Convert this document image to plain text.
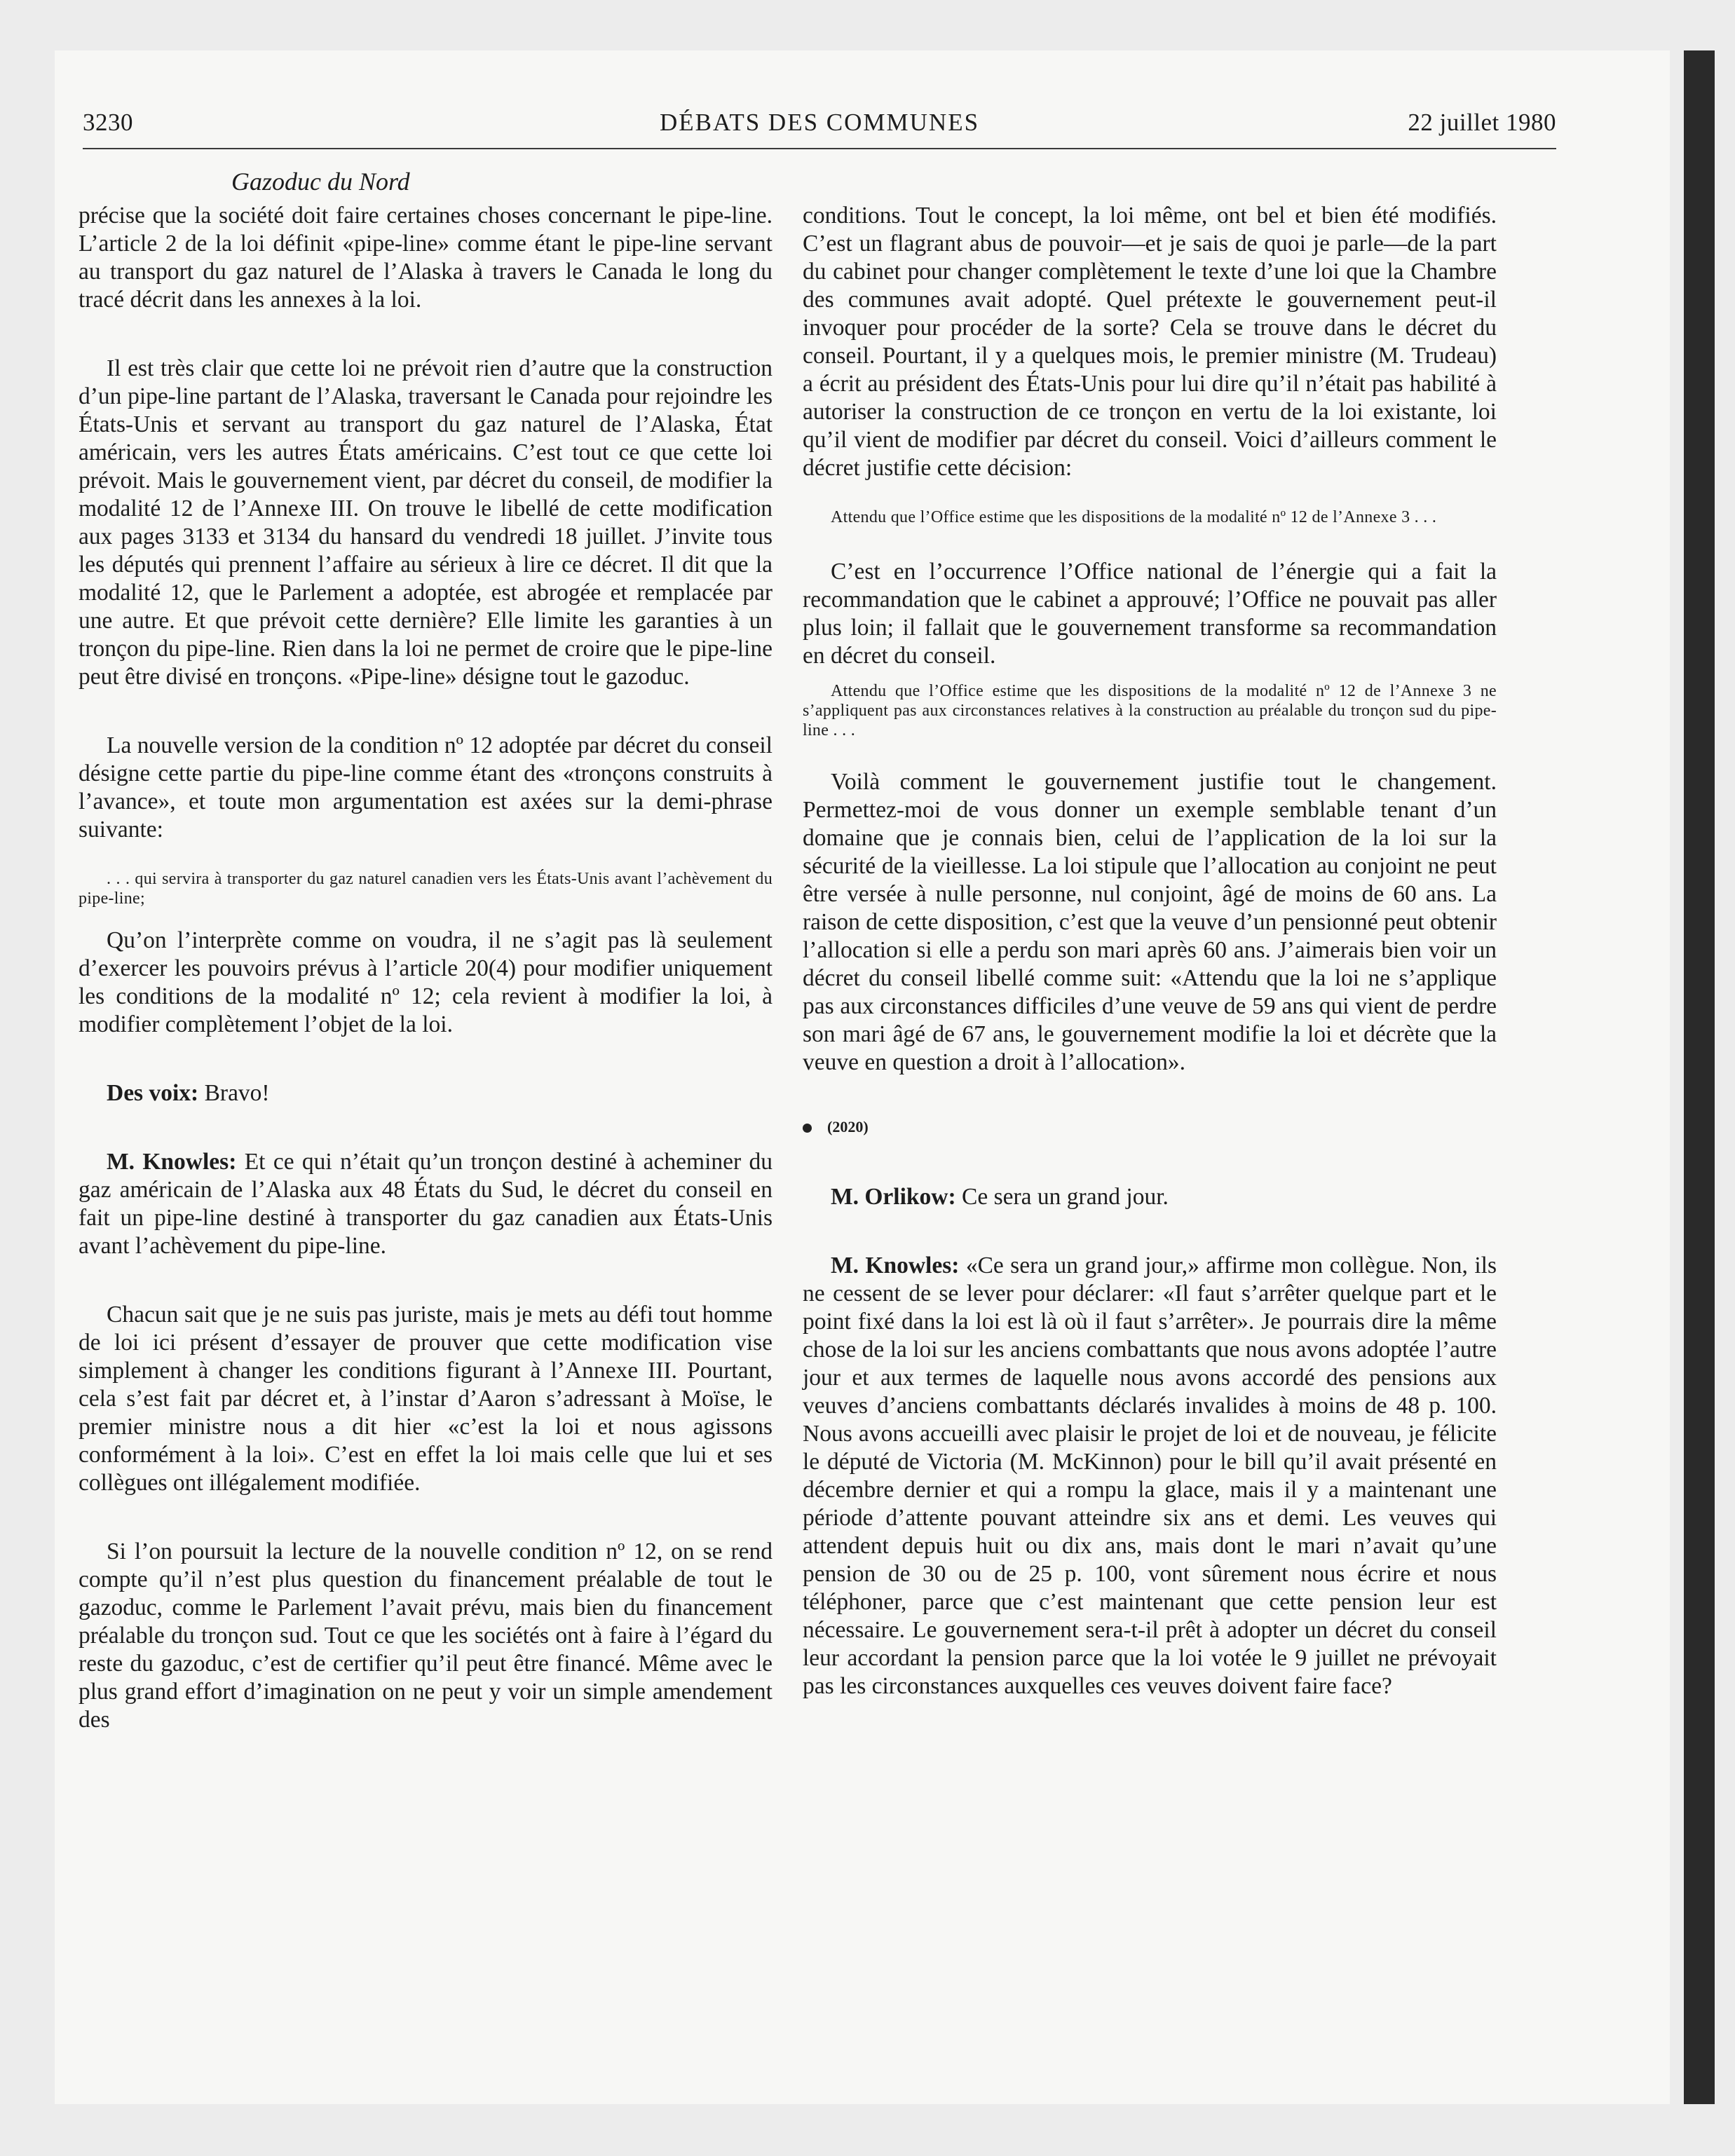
DÉBATS DES COMMUNES
3230	22 juillet 1980
Gazoduc du Nord

précise que la société doit faire certaines choses concernant le pipe-line. L’article 2 de la loi définit «pipe-line» comme étant le pipe-line servant au transport du gaz naturel de l’Alaska à travers le Canada le long du tracé décrit dans les annexes à la loi.

Il est très clair que cette loi ne prévoit rien d’autre que la construction d’un pipe-line partant de l’Alaska, traversant le Canada pour rejoindre les États-Unis et servant au transport du gaz naturel de l’Alaska, État américain, vers les autres États américains. C’est tout ce que cette loi prévoit. Mais le gouvernement vient, par décret du conseil, de modifier la modalité 12 de l’Annexe III. On trouve le libellé de cette modification aux pages 3133 et 3134 du hansard du vendredi 18 juillet. J’invite tous les députés qui prennent l’affaire au sérieux à lire ce décret. Il dit que la modalité 12, que le Parlement a adoptée, est abrogée et remplacée par une autre. Et que prévoit cette dernière? Elle limite les garanties à un tronçon du pipe-line. Rien dans la loi ne permet de croire que le pipe-line peut être divisé en tronçons. «Pipe-line» désigne tout le gazoduc.

La nouvelle version de la condition nº 12 adoptée par décret du conseil désigne cette partie du pipe-line comme étant des «tronçons construits à l’avance», et toute mon argumentation est axées sur la demi-phrase suivante:

. . . qui servira à transporter du gaz naturel canadien vers les États-Unis avant l’achèvement du pipe-line;

Qu’on l’interprète comme on voudra, il ne s’agit pas là seulement d’exercer les pouvoirs prévus à l’article 20(4) pour modifier uniquement les conditions de la modalité nº 12; cela revient à modifier la loi, à modifier complètement l’objet de la loi.

Des voix: Bravo!

M. Knowles: Et ce qui n’était qu’un tronçon destiné à acheminer du gaz américain de l’Alaska aux 48 États du Sud, le décret du conseil en fait un pipe-line destiné à transporter du gaz canadien aux États-Unis avant l’achèvement du pipe-line.

Chacun sait que je ne suis pas juriste, mais je mets au défi tout homme de loi ici présent d’essayer de prouver que cette modification vise simplement à changer les conditions figurant à l’Annexe III. Pourtant, cela s’est fait par décret et, à l’instar d’Aaron s’adressant à Moïse, le premier ministre nous a dit hier «c’est la loi et nous agissons conformément à la loi». C’est en effet la loi mais celle que lui et ses collègues ont illégalement modifiée.

Si l’on poursuit la lecture de la nouvelle condition nº 12, on se rend compte qu’il n’est plus question du financement préalable de tout le gazoduc, comme le Parlement l’avait prévu, mais bien du financement préalable du tronçon sud. Tout ce que les sociétés ont à faire à l’égard du reste du gazoduc, c’est de certifier qu’il peut être financé. Même avec le plus grand effort d’imagination on ne peut y voir un simple amendement des

conditions. Tout le concept, la loi même, ont bel et bien été modifiés. C’est un flagrant abus de pouvoir—et je sais de quoi je parle—de la part du cabinet pour changer complètement le texte d’une loi que la Chambre des communes avait adopté. Quel prétexte le gouvernement peut-il invoquer pour procéder de la sorte? Cela se trouve dans le décret du conseil. Pourtant, il y a quelques mois, le premier ministre (M. Trudeau) a écrit au président des États-Unis pour lui dire qu’il n’était pas habilité à autoriser la construction de ce tronçon en vertu de la loi existante, loi qu’il vient de modifier par décret du conseil. Voici d’ailleurs comment le décret justifie cette décision:

Attendu que l’Office estime que les dispositions de la modalité nº 12 de l’Annexe 3 . . .

C’est en l’occurrence l’Office national de l’énergie qui a fait la recommandation que le cabinet a approuvé; l’Office ne pouvait pas aller plus loin; il fallait que le gouvernement transforme sa recommandation en décret du conseil.

Attendu que l’Office estime que les dispositions de la modalité nº 12 de l’Annexe 3 ne s’appliquent pas aux circonstances relatives à la construction au préalable du tronçon sud du pipe-line . . .

Voilà comment le gouvernement justifie tout le changement. Permettez-moi de vous donner un exemple semblable tenant d’un domaine que je connais bien, celui de l’application de la loi sur la sécurité de la vieillesse. La loi stipule que l’allocation au conjoint ne peut être versée à nulle personne, nul conjoint, âgé de moins de 60 ans. La raison de cette disposition, c’est que la veuve d’un pensionné peut obtenir l’allocation si elle a perdu son mari après 60 ans. J’aimerais bien voir un décret du conseil libellé comme suit: «Attendu que la loi ne s’applique pas aux circonstances difficiles d’une veuve de 59 ans qui vient de perdre son mari âgé de 67 ans, le gouvernement modifie la loi et décrète que la veuve en question a droit à l’allocation».

(2020)

M. Orlikow: Ce sera un grand jour.

M. Knowles: «Ce sera un grand jour,» affirme mon collègue. Non, ils ne cessent de se lever pour déclarer: «Il faut s’arrêter quelque part et le point fixé dans la loi est là où il faut s’arrêter». Je pourrais dire la même chose de la loi sur les anciens combattants que nous avons adoptée l’autre jour et aux termes de laquelle nous avons accordé des pensions aux veuves d’anciens combattants déclarés invalides à moins de 48 p. 100. Nous avons accueilli avec plaisir le projet de loi et de nouveau, je félicite le député de Victoria (M. McKinnon) pour le bill qu’il avait présenté en décembre dernier et qui a rompu la glace, mais il y a maintenant une période d’attente pouvant atteindre six ans et demi. Les veuves qui attendent depuis huit ou dix ans, mais dont le mari n’avait qu’une pension de 30 ou de 25 p. 100, vont sûrement nous écrire et nous téléphoner, parce que c’est maintenant que cette pension leur est nécessaire. Le gouvernement sera-t-il prêt à adopter un décret du conseil leur accordant la pension parce que la loi votée le 9 juillet ne prévoyait pas les circonstances auxquelles ces veuves doivent faire face?
